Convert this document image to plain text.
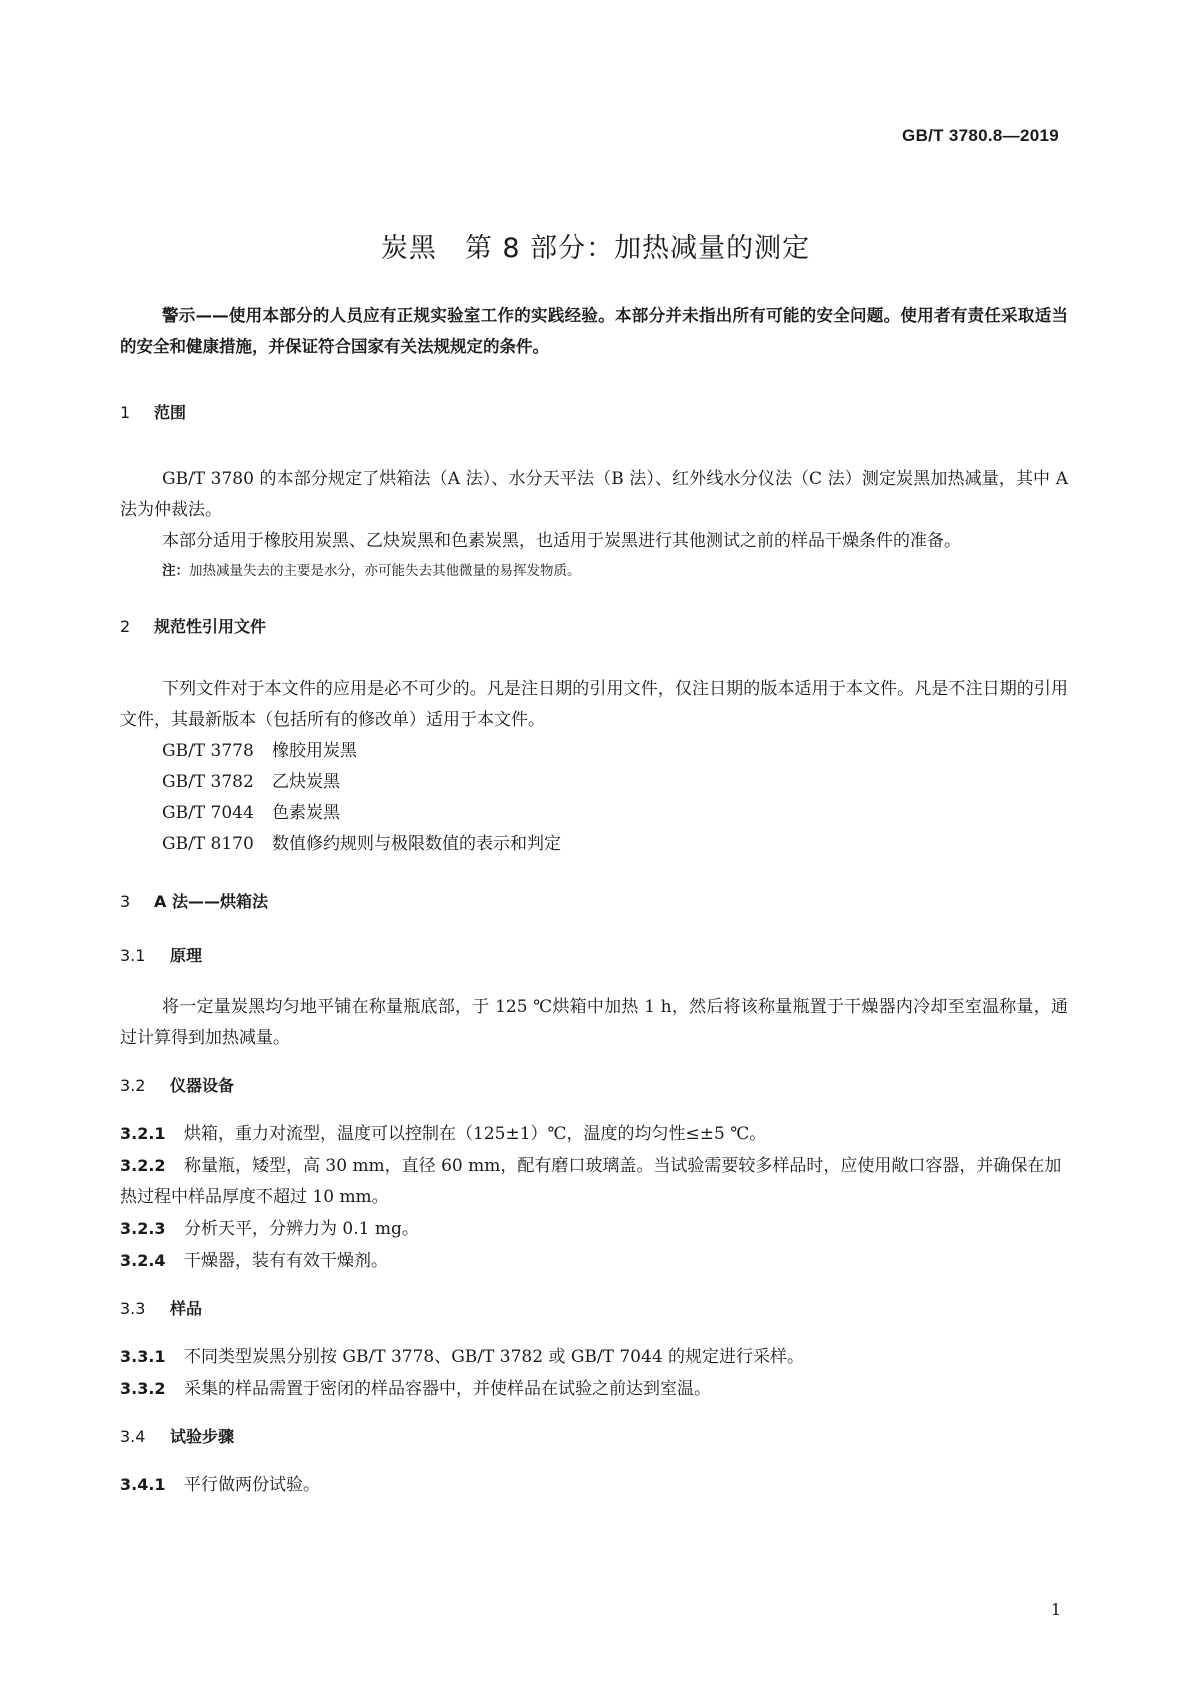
GB/T 3780.8—2019
炭黑　第 8 部分：加热减量的测定

警示——使用本部分的人员应有正规实验室工作的实践经验。本部分并未指出所有可能的安全问题。使用者有责任采取适当的安全和健康措施，并保证符合国家有关法规规定的条件。

1 范围

GB/T 3780 的本部分规定了烘箱法（A 法）、水分天平法（B 法）、红外线水分仪法（C 法）测定炭黑加热减量，其中 A 法为仲裁法。

本部分适用于橡胶用炭黑、乙炔炭黑和色素炭黑，也适用于炭黑进行其他测试之前的样品干燥条件的准备。

注：加热减量失去的主要是水分，亦可能失去其他微量的易挥发物质。

2 规范性引用文件

下列文件对于本文件的应用是必不可少的。凡是注日期的引用文件，仅注日期的版本适用于本文件。凡是不注日期的引用文件，其最新版本（包括所有的修改单）适用于本文件。

GB/T 3778 橡胶用炭黑

GB/T 3782 乙炔炭黑

GB/T 7044 色素炭黑

GB/T 8170 数值修约规则与极限数值的表示和判定

3 A 法——烘箱法
3.1 原理

将一定量炭黑均匀地平铺在称量瓶底部，于 125 ℃烘箱中加热 1 h，然后将该称量瓶置于干燥器内冷却至室温称量，通过计算得到加热减量。

3.2 仪器设备

3.2.1 烘箱，重力对流型，温度可以控制在（125±1）℃，温度的均匀性≤±5 ℃。

3.2.2 称量瓶，矮型，高 30 mm，直径 60 mm，配有磨口玻璃盖。当试验需要较多样品时，应使用敞口容器，并确保在加热过程中样品厚度不超过 10 mm。

3.2.3 分析天平，分辨力为 0.1 mg。

3.2.4 干燥器，装有有效干燥剂。

3.3 样品

3.3.1 不同类型炭黑分别按 GB/T 3778、GB/T 3782 或 GB/T 7044 的规定进行采样。

3.3.2 采集的样品需置于密闭的样品容器中，并使样品在试验之前达到室温。

3.4 试验步骤

3.4.1 平行做两份试验。

1
